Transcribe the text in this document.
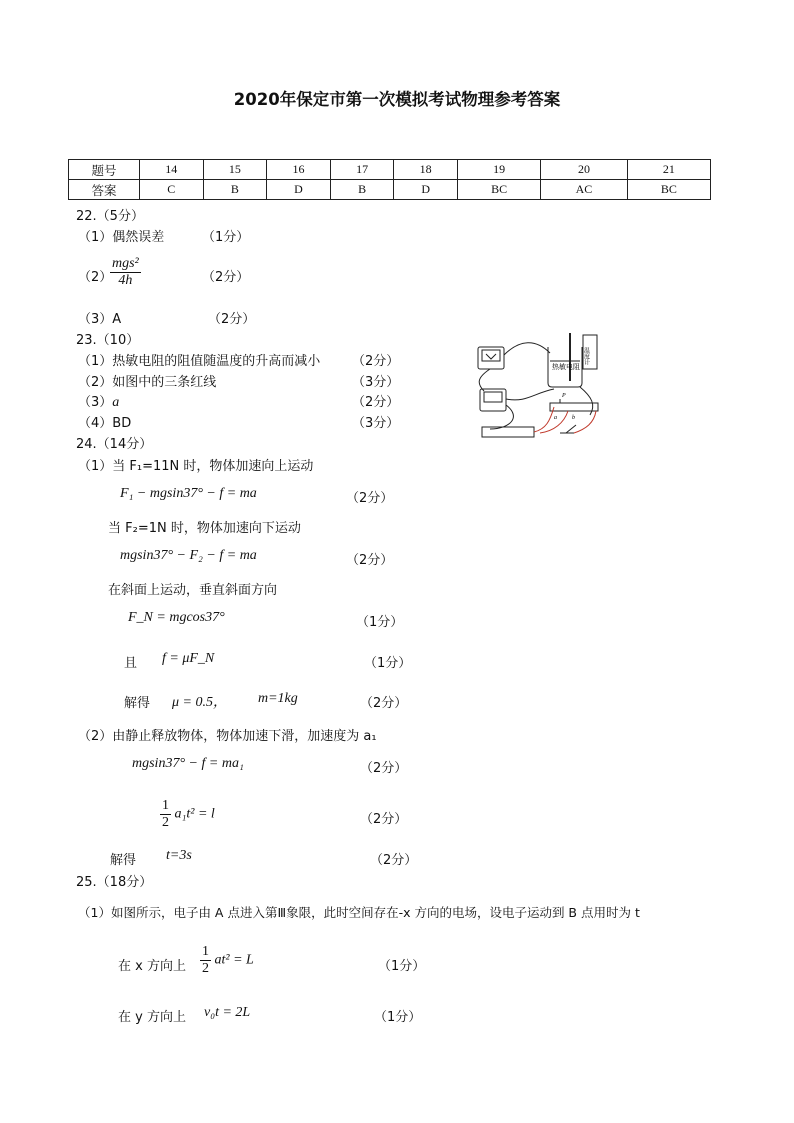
2020年保定市第一次模拟考试物理参考答案
题号	14	15	16	17	18	19	20	21
答案	C	B	D	B	D	BC	AC	BC
22.（5分）
（1）偶然误差	（1分）
（2）
$\frac{\text{mgs²}}{4h}$	（2分）
（3）A	（2分）
23.（10）
（1）热敏电阻的阻值随温度的升高而减小 （2分）
（2）如图中的三条红线	（3分）
（3）a	（2分）
（4）BD	（3分）
热敏电阻
温度计
P
a	b
24.（14分）
（1）当 F₁=11N 时，物体加速向上运动
F₁ − mgsin37° − f = ma	（2分）
当 F₂=1N 时，物体加速向下运动
mgsin37° − F₂ − f = ma	（2分）
在斜面上运动，垂直斜面方向
F_N = mgcos37°	（1分）
且 f = μF_N	（1分）
解得 μ = 0.5， m=1kg	（2分）
（2）由静止释放物体，物体加速下滑，加速度为 a₁
mgsin37° − f = ma₁	（2分）
$\frac{1}{2} a_1t^2 = l$	（2分）
解得 t=3s	（2分）
25.（18分）
（1）如图所示，电子由 A 点进入第Ⅲ象限，此时空间存在-x 方向的电场，设电子运动到 B 点用时为 t
在 x 方向上 $\frac{1}{2} at^2 = L$	（1分）
在 y 方向上 v₀t = 2L	（1分）
